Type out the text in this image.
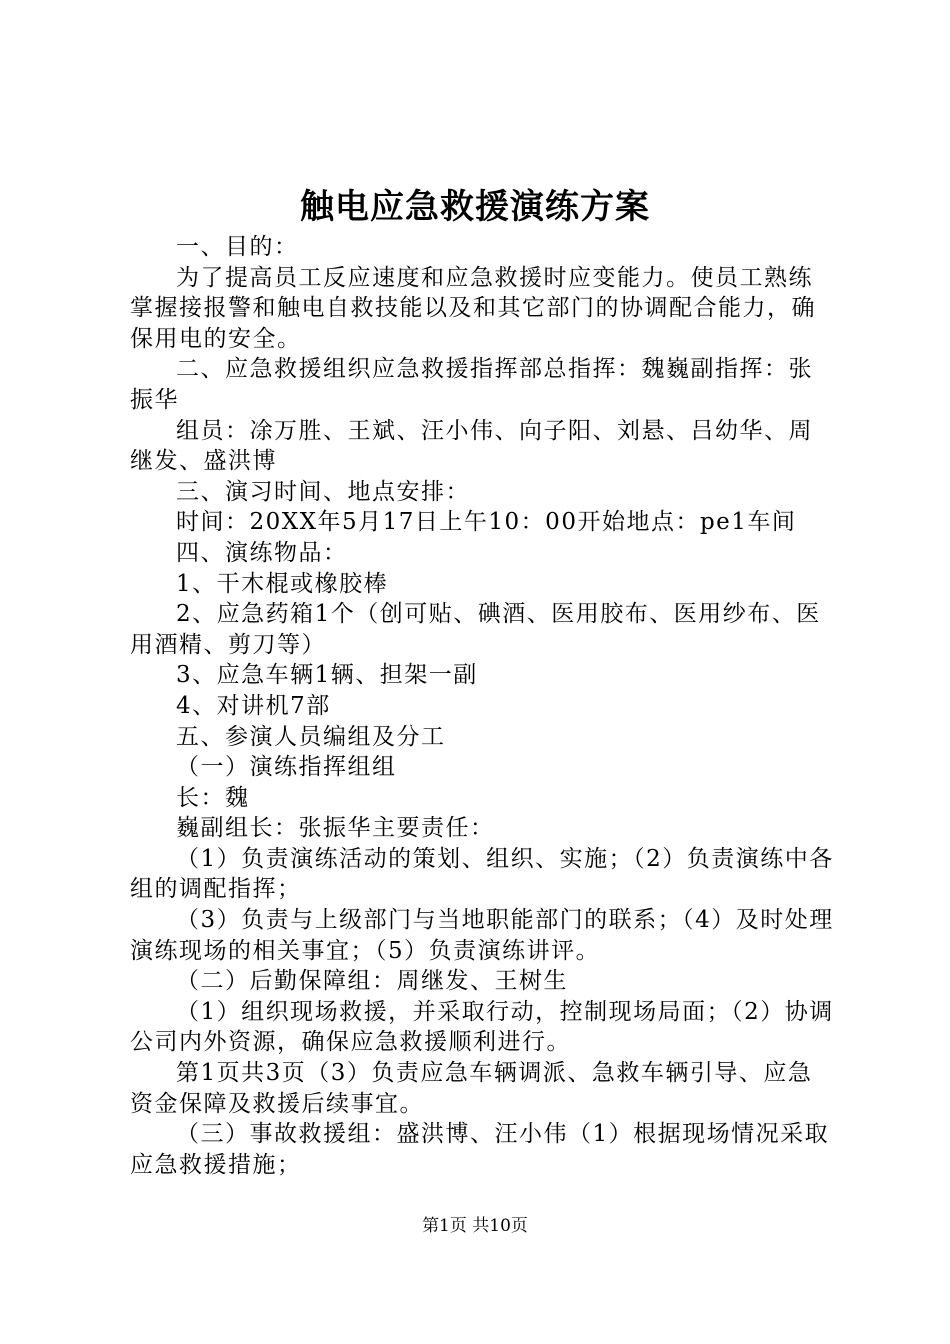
触电应急救援演练方案

一、目的：

为了提高员工反应速度和应急救援时应变能力。使员工熟练掌握接报警和触电自救技能以及和其它部门的协调配合能力，确保用电的安全。

二、应急救援组织应急救援指挥部总指挥：魏巍副指挥：张振华

组员：凃万胜、王斌、汪小伟、向子阳、刘悬、吕幼华、周继发、盛洪博

三、演习时间、地点安排：

时间：20XX年5月17日上午10：00开始地点：pe1车间

四、演练物品：

1、干木棍或橡胶棒

2、应急药箱1个（创可贴、碘酒、医用胶布、医用纱布、医用酒精、剪刀等）

3、应急车辆1辆、担架一副

4、对讲机7部

五、参演人员编组及分工

（一）演练指挥组组

长：魏

巍副组长：张振华主要责任：

（1）负责演练活动的策划、组织、实施；（2）负责演练中各组的调配指挥；

（3）负责与上级部门与当地职能部门的联系；（4）及时处理演练现场的相关事宜；（5）负责演练讲评。

（二）后勤保障组：周继发、王树生

（1）组织现场救援，并采取行动，控制现场局面；（2）协调公司内外资源，确保应急救援顺利进行。

第1页共3页（3）负责应急车辆调派、急救车辆引导、应急资金保障及救援后续事宜。

（三）事故救援组：盛洪博、汪小伟（1）根据现场情况采取应急救援措施；

第1页 共10页
